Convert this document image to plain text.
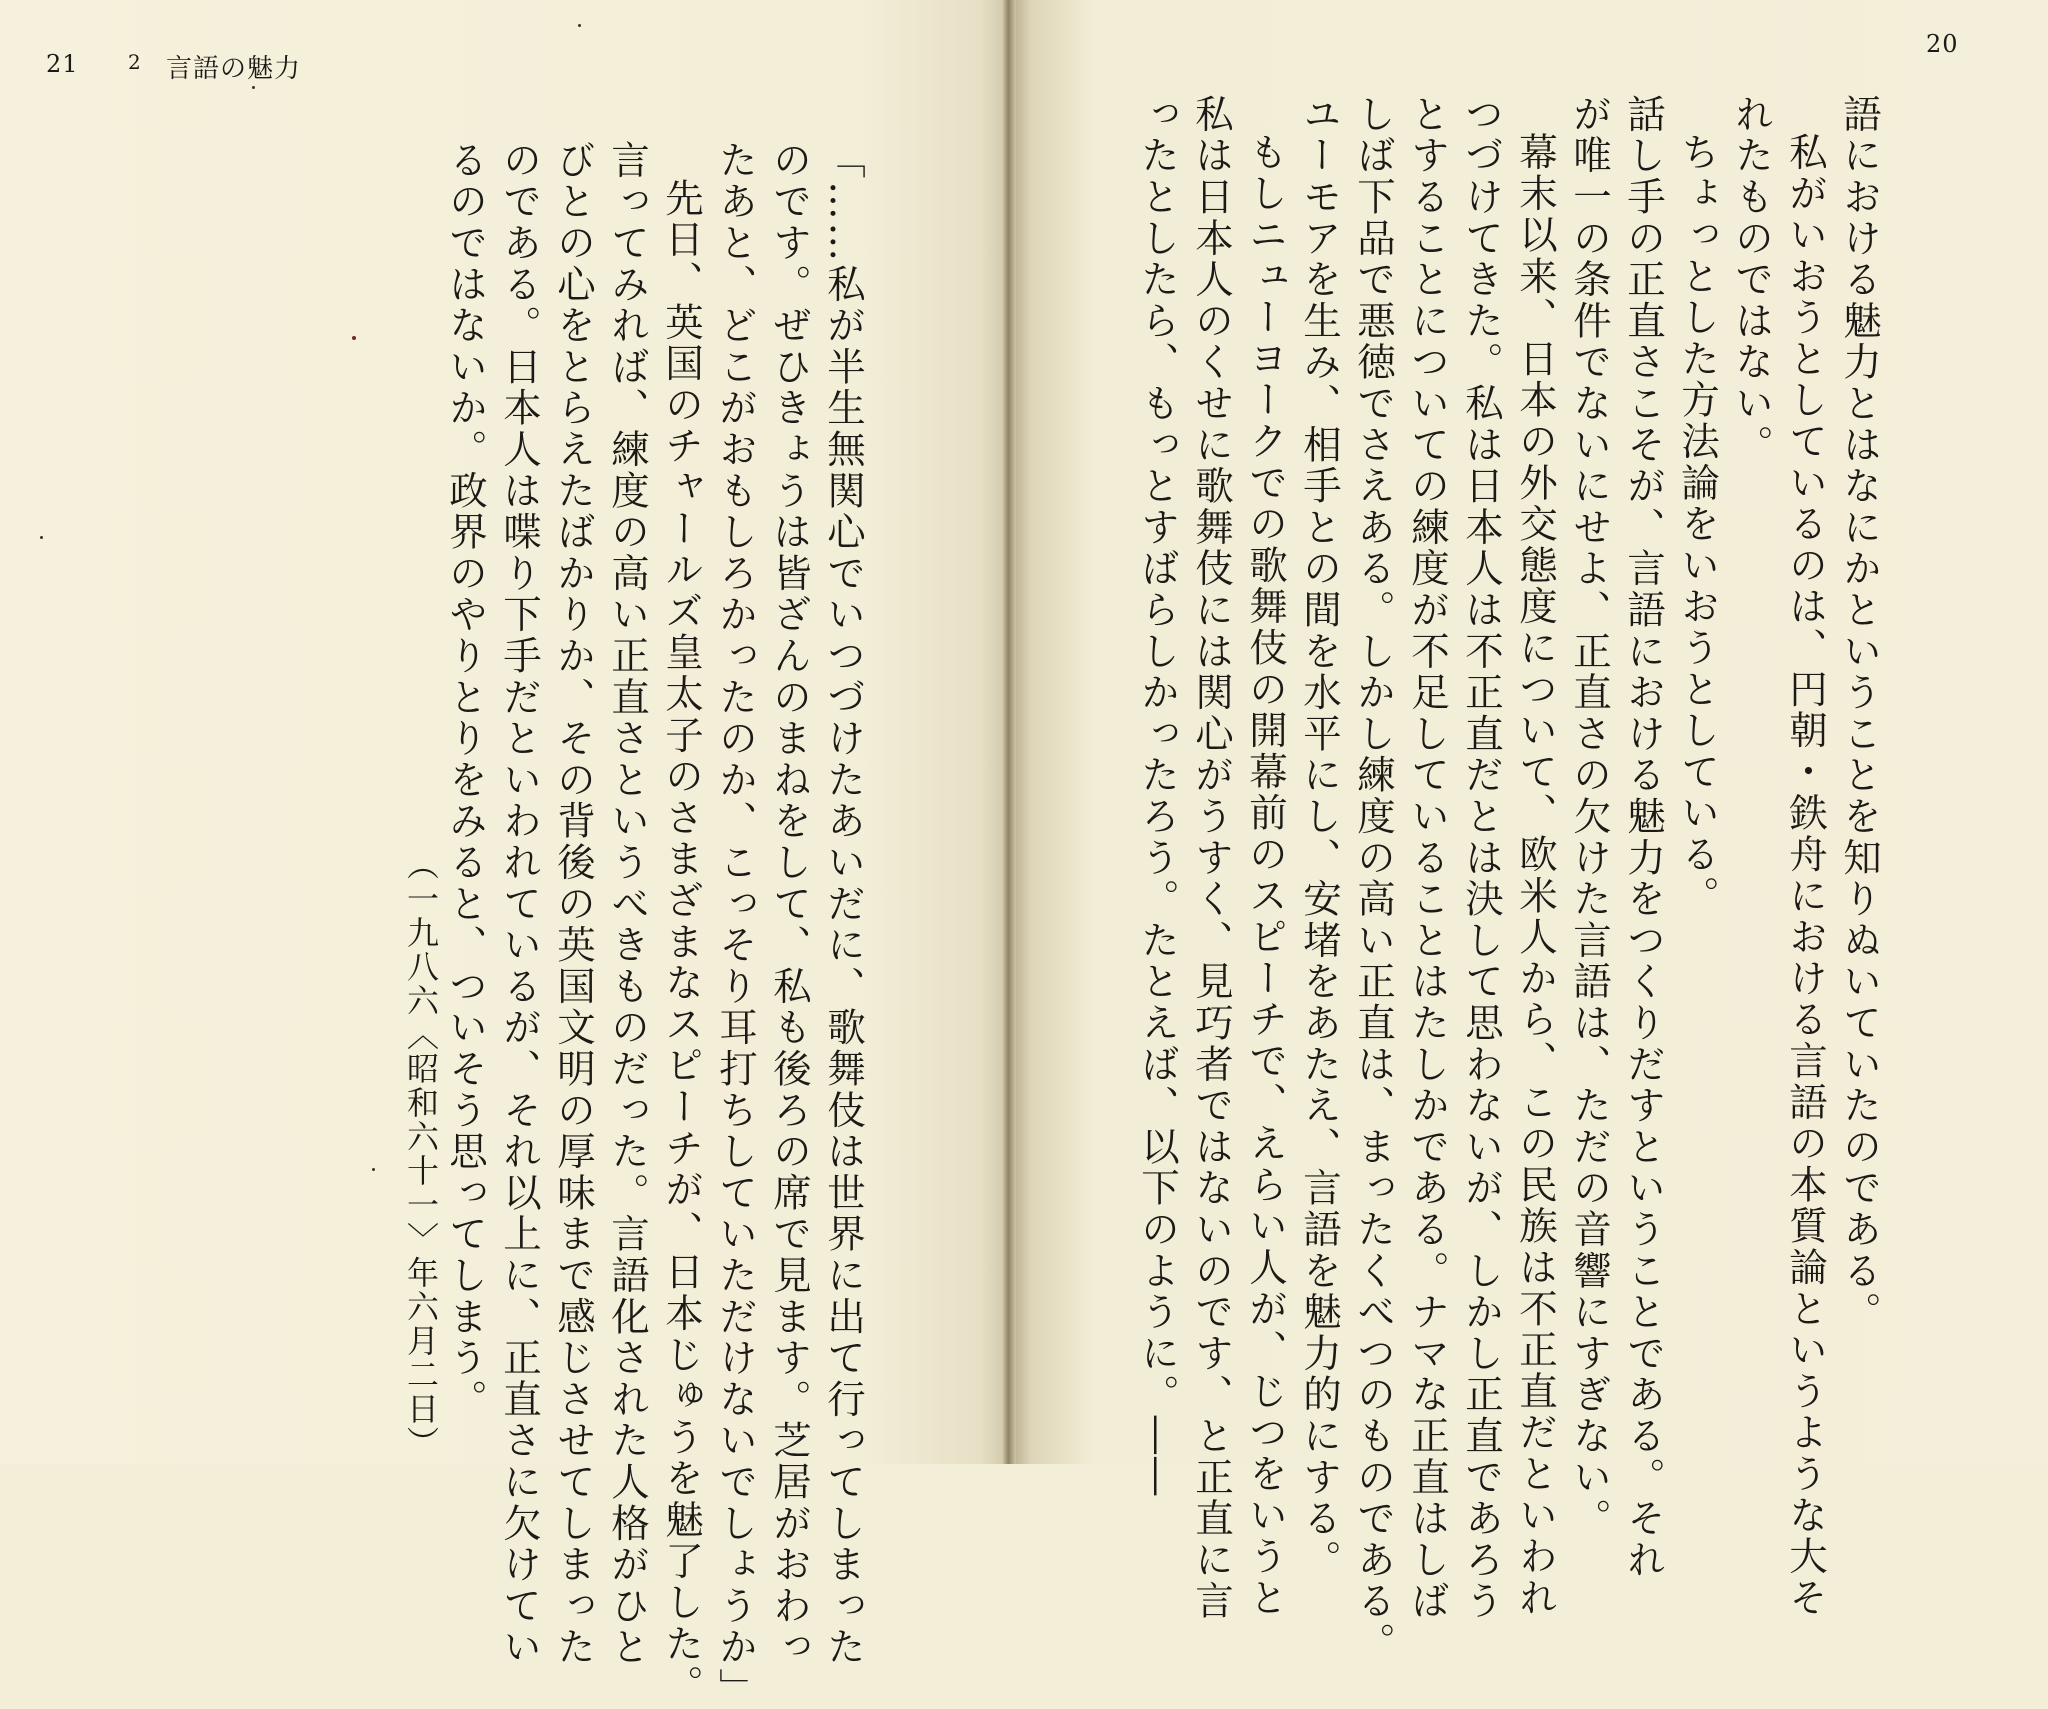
21 2 言語の魅力
「……私が半生無関心でいつづけたあいだに、歌舞伎は世界に出て行ってしまった
のです。ぜひきょうは皆ざんのまねをして、私も後ろの席で見ます。芝居がおわっ
たあと、どこがおもしろかったのか、こっそり耳打ちしていただけないでしょうか」
先日、英国のチャールズ皇太子のさまざまなスピーチが、日本じゅうを魅了した。
言ってみれば、練度の高い正直さというべきものだった。言語化された人格がひと
びとの心をとらえたばかりか、その背後の英国文明の厚味まで感じさせてしまった
のである。日本人は喋り下手だといわれているが、それ以上に、正直さに欠けてい
るのではないか。政界のやりとりをみると、ついそう思ってしまう。
（一九八六〈昭和六十一〉年六月二日）
20
語における魅力とはなにかということを知りぬいていたのである。
私がいおうとしているのは、円朝・鉄舟における言語の本質論というような大そ
れたものではない。
ちょっとした方法論をいおうとしている。
話し手の正直さこそが、言語における魅力をつくりだすということである。それ
が唯一の条件でないにせよ、正直さの欠けた言語は、ただの音響にすぎない。
幕末以来、日本の外交態度について、欧米人から、この民族は不正直だといわれ
つづけてきた。私は日本人は不正直だとは決して思わないが、しかし正直であろう
とすることについての練度が不足していることはたしかである。ナマな正直はしば
しば下品で悪徳でさえある。しかし練度の高い正直は、まったくべつのものである。
ユーモアを生み、相手との間を水平にし、安堵をあたえ、言語を魅力的にする。
もしニューヨークでの歌舞伎の開幕前のスピーチで、えらい人が、じつをいうと
私は日本人のくせに歌舞伎には関心がうすく、見巧者ではないのです、と正直に言
ったとしたら、もっとすばらしかったろう。たとえば、以下のように。――
